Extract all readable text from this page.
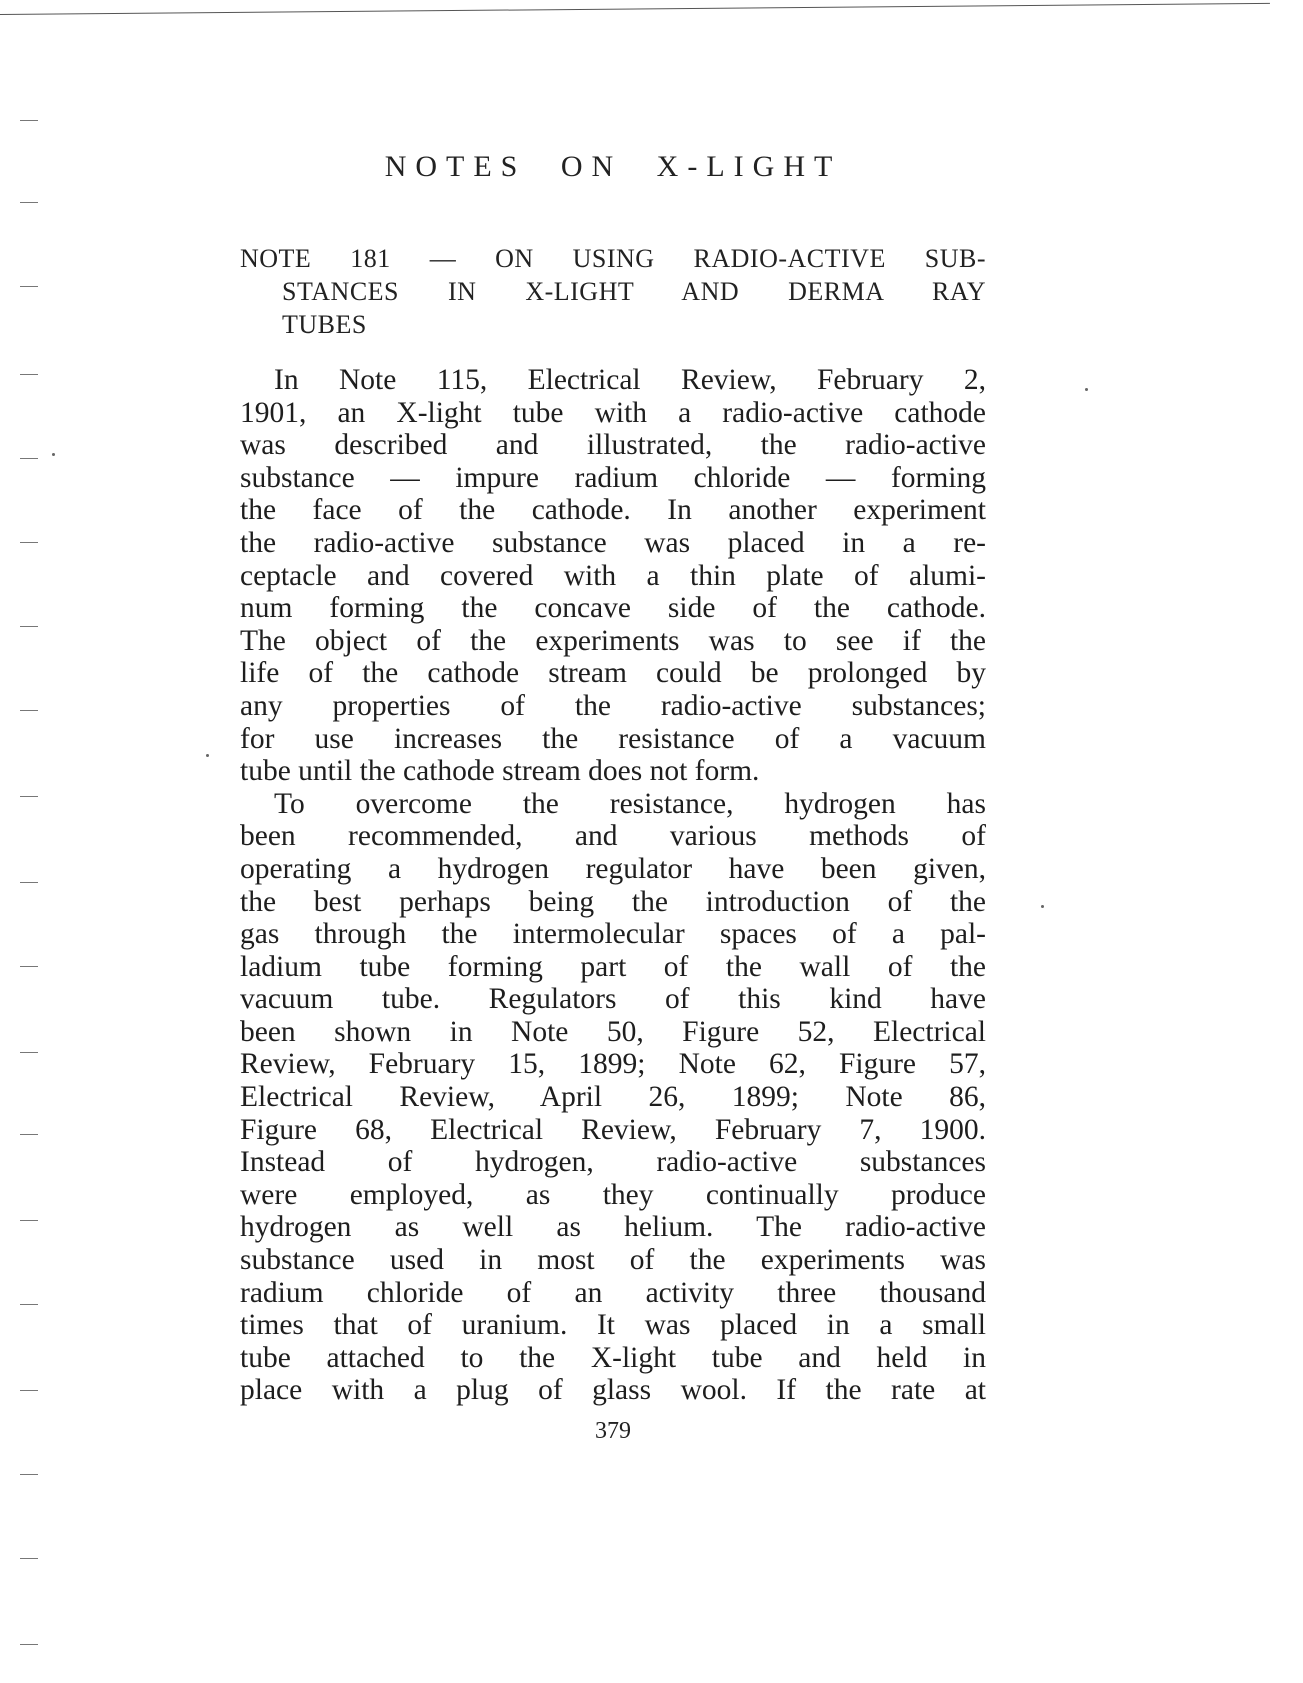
NOTES ON X-LIGHT
NOTE 181 — ON USING RADIO-ACTIVE SUB-
STANCES IN X-LIGHT AND DERMA RAY
TUBES
In Note 115, Electrical Review, February 2,
1901, an X-light tube with a radio-active cathode
was described and illustrated, the radio-active
substance — impure radium chloride — forming
the face of the cathode. In another experiment
the radio-active substance was placed in a re-
ceptacle and covered with a thin plate of alumi-
num forming the concave side of the cathode.
The object of the experiments was to see if the
life of the cathode stream could be prolonged by
any properties of the radio-active substances;
for use increases the resistance of a vacuum
tube until the cathode stream does not form.
To overcome the resistance, hydrogen has
been recommended, and various methods of
operating a hydrogen regulator have been given,
the best perhaps being the introduction of the
gas through the intermolecular spaces of a pal-
ladium tube forming part of the wall of the
vacuum tube. Regulators of this kind have
been shown in Note 50, Figure 52, Electrical
Review, February 15, 1899; Note 62, Figure 57,
Electrical Review, April 26, 1899; Note 86,
Figure 68, Electrical Review, February 7, 1900.
Instead of hydrogen, radio-active substances
were employed, as they continually produce
hydrogen as well as helium. The radio-active
substance used in most of the experiments was
radium chloride of an activity three thousand
times that of uranium. It was placed in a small
tube attached to the X-light tube and held in
place with a plug of glass wool. If the rate at
379
